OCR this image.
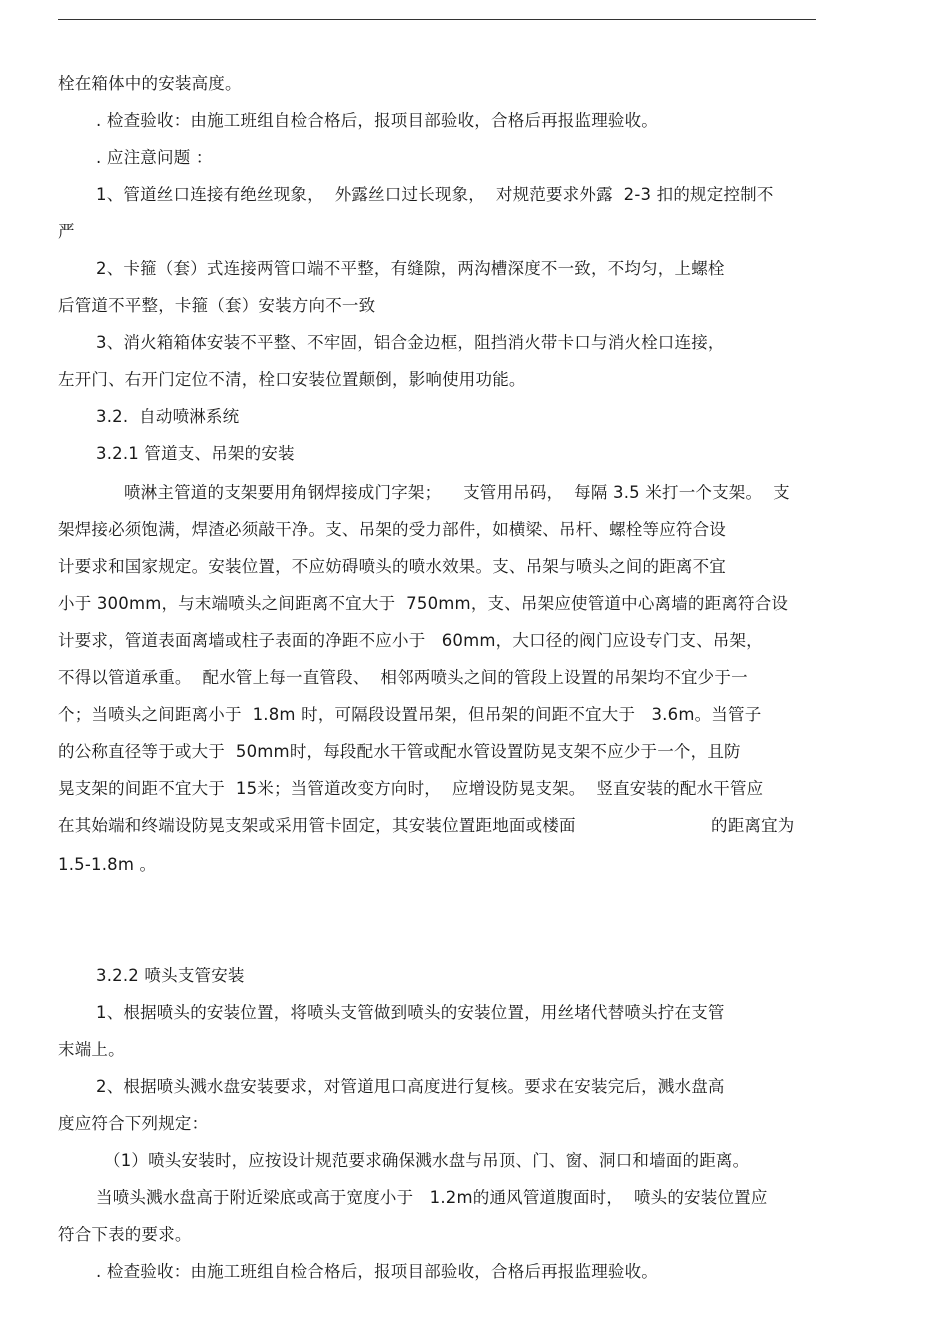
栓在箱体中的安装高度。
. 检查验收：由施工班组自检合格后，报项目部验收，合格后再报监理验收。
. 应注意问题 ：
1、管道丝口连接有绝丝现象，  外露丝口过长现象，  对规范要求外露  2-3 扣的规定控制不
严
2、卡箍（套）式连接两管口端不平整，有缝隙，两沟槽深度不一致，不均匀，上螺栓
后管道不平整，卡箍（套）安装方向不一致
3、消火箱箱体安装不平整、不牢固，铝合金边框，阻挡消火带卡口与消火栓口连接，
左开门、右开门定位不清，栓口安装位置颠倒，影响使用功能。
3.2.  自动喷淋系统
3.2.1 管道支、吊架的安装
喷淋主管道的支架要用角钢焊接成门字架；    支管用吊码，  每隔 3.5 米打一个支架。  支
架焊接必须饱满，焊渣必须敲干净。支、吊架的受力部件，如横梁、吊杆、螺栓等应符合设
计要求和国家规定。安装位置，不应妨碍喷头的喷水效果。支、吊架与喷头之间的距离不宜
小于 300mm，与末端喷头之间距离不宜大于  750mm，支、吊架应使管道中心离墙的距离符合设
计要求，管道表面离墙或柱子表面的净距不应小于   60mm，大口径的阀门应设专门支、吊架，
不得以管道承重。  配水管上每一直管段、  相邻两喷头之间的管段上设置的吊架均不宜少于一
个；当喷头之间距离小于  1.8m 时，可隔段设置吊架，但吊架的间距不宜大于   3.6m。当管子
的公称直径等于或大于  50mm时，每段配水干管或配水管设置防晃支架不应少于一个，且防
晃支架的间距不宜大于  15米；当管道改变方向时，  应增设防晃支架。  竖直安装的配水干管应
在其始端和终端设防晃支架或采用管卡固定，其安装位置距地面或楼面	的距离宜为
1.5-1.8m 。
3.2.2 喷头支管安装
1、根据喷头的安装位置，将喷头支管做到喷头的安装位置，用丝堵代替喷头拧在支管
末端上。
2、根据喷头溅水盘安装要求，对管道甩口高度进行复核。要求在安装完后，溅水盘高
度应符合下列规定：
（1）喷头安装时，应按设计规范要求确保溅水盘与吊顶、门、窗、洞口和墙面的距离。
当喷头溅水盘高于附近梁底或高于宽度小于   1.2m的通风管道腹面时，  喷头的安装位置应
符合下表的要求。
. 检查验收：由施工班组自检合格后，报项目部验收，合格后再报监理验收。
